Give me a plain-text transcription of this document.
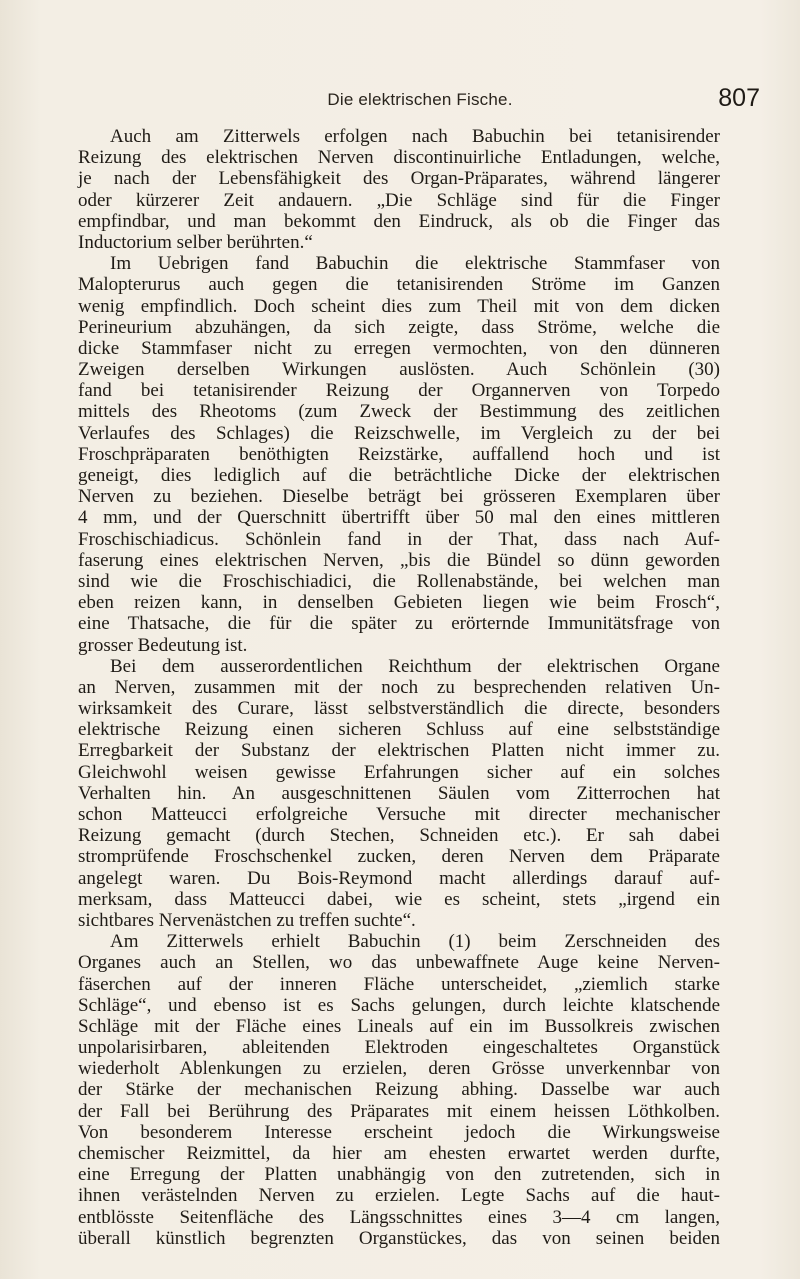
Die elektrischen Fische.	807
Auch am Zitterwels erfolgen nach Babuchin bei tetanisirender
Reizung des elektrischen Nerven discontinuirliche Entladungen, welche,
je nach der Lebensfähigkeit des Organ-Präparates, während längerer
oder kürzerer Zeit andauern. „Die Schläge sind für die Finger
empfindbar, und man bekommt den Eindruck, als ob die Finger das
Inductorium selber berührten.“
Im Uebrigen fand Babuchin die elektrische Stammfaser von
Malopterurus auch gegen die tetanisirenden Ströme im Ganzen
wenig empfindlich. Doch scheint dies zum Theil mit von dem dicken
Perineurium abzuhängen, da sich zeigte, dass Ströme, welche die
dicke Stammfaser nicht zu erregen vermochten, von den dünneren
Zweigen derselben Wirkungen auslösten. Auch Schönlein (30)
fand bei tetanisirender Reizung der Organnerven von Torpedo
mittels des Rheotoms (zum Zweck der Bestimmung des zeitlichen
Verlaufes des Schlages) die Reizschwelle, im Vergleich zu der bei
Froschpräparaten benöthigten Reizstärke, auffallend hoch und ist
geneigt, dies lediglich auf die beträchtliche Dicke der elektrischen
Nerven zu beziehen. Dieselbe beträgt bei grösseren Exemplaren über
4 mm, und der Querschnitt übertrifft über 50 mal den eines mittleren
Froschischiadicus. Schönlein fand in der That, dass nach Auf-
faserung eines elektrischen Nerven, „bis die Bündel so dünn geworden
sind wie die Froschischiadici, die Rollenabstände, bei welchen man
eben reizen kann, in denselben Gebieten liegen wie beim Frosch“,
eine Thatsache, die für die später zu erörternde Immunitätsfrage von
grosser Bedeutung ist.
Bei dem ausserordentlichen Reichthum der elektrischen Organe
an Nerven, zusammen mit der noch zu besprechenden relativen Un-
wirksamkeit des Curare, lässt selbstverständlich die directe, besonders
elektrische Reizung einen sicheren Schluss auf eine selbstständige
Erregbarkeit der Substanz der elektrischen Platten nicht immer zu.
Gleichwohl weisen gewisse Erfahrungen sicher auf ein solches
Verhalten hin. An ausgeschnittenen Säulen vom Zitterrochen hat
schon Matteucci erfolgreiche Versuche mit directer mechanischer
Reizung gemacht (durch Stechen, Schneiden etc.). Er sah dabei
stromprüfende Froschschenkel zucken, deren Nerven dem Präparate
angelegt waren. Du Bois-Reymond macht allerdings darauf auf-
merksam, dass Matteucci dabei, wie es scheint, stets „irgend ein
sichtbares Nervenästchen zu treffen suchte“.
Am Zitterwels erhielt Babuchin (1) beim Zerschneiden des
Organes auch an Stellen, wo das unbewaffnete Auge keine Nerven-
fäserchen auf der inneren Fläche unterscheidet, „ziemlich starke
Schläge“, und ebenso ist es Sachs gelungen, durch leichte klatschende
Schläge mit der Fläche eines Lineals auf ein im Bussolkreis zwischen
unpolarisirbaren, ableitenden Elektroden eingeschaltetes Organstück
wiederholt Ablenkungen zu erzielen, deren Grösse unverkennbar von
der Stärke der mechanischen Reizung abhing. Dasselbe war auch
der Fall bei Berührung des Präparates mit einem heissen Löthkolben.
Von besonderem Interesse erscheint jedoch die Wirkungsweise
chemischer Reizmittel, da hier am ehesten erwartet werden durfte,
eine Erregung der Platten unabhängig von den zutretenden, sich in
ihnen verästelnden Nerven zu erzielen. Legte Sachs auf die haut-
entblösste Seitenfläche des Längsschnittes eines 3—4 cm langen,
überall künstlich begrenzten Organstückes, das von seinen beiden
